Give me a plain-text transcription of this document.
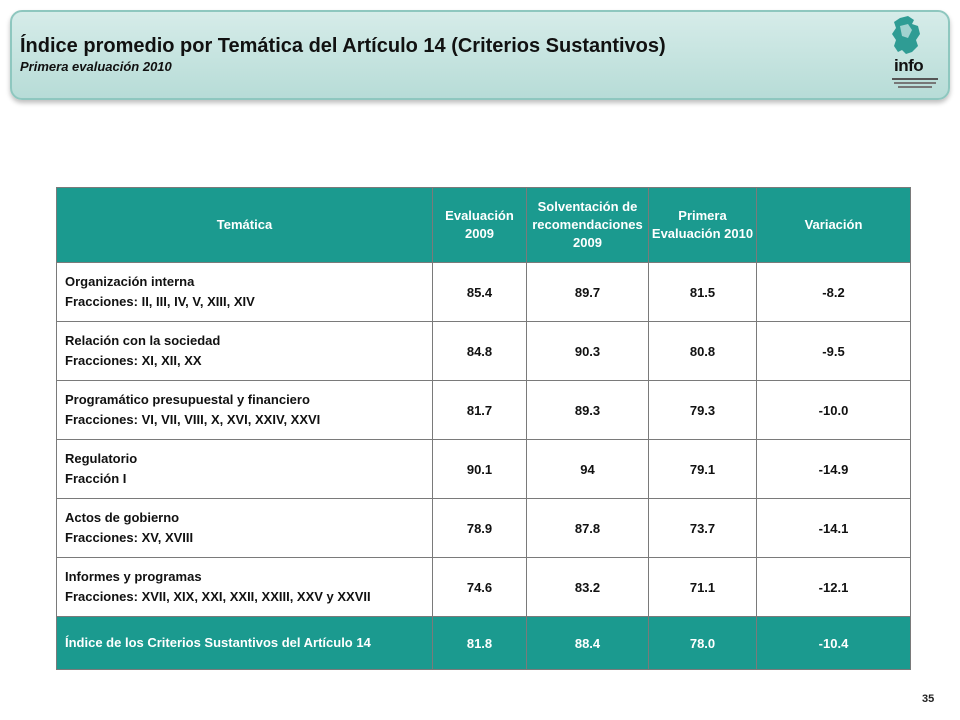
Índice promedio por Temática del Artículo 14 (Criterios Sustantivos)
Primera evaluación 2010	info
Temática	Evaluación 2009	Solventación de recomendaciones 2009	Primera Evaluación 2010	Variación

Organización interna
Fracciones: II, III, IV, V, XIII, XIV	85.4	89.7	81.5	-8.2

Relación con la sociedad
Fracciones: XI, XII, XX	84.8	90.3	80.8	-9.5

Programático presupuestal y financiero
Fracciones: VI, VII, VIII, X, XVI, XXIV, XXVI	81.7	89.3	79.3	-10.0

Regulatorio
Fracción I	90.1	94	79.1	-14.9

Actos de gobierno
Fracciones: XV, XVIII	78.9	87.8	73.7	-14.1

Informes y programas
Fracciones: XVII, XIX, XXI, XXII, XXIII, XXV y XXVII	74.6	83.2	71.1	-12.1
Índice de los Criterios Sustantivos del Artículo 14	81.8	88.4	78.0	-10.4
35
